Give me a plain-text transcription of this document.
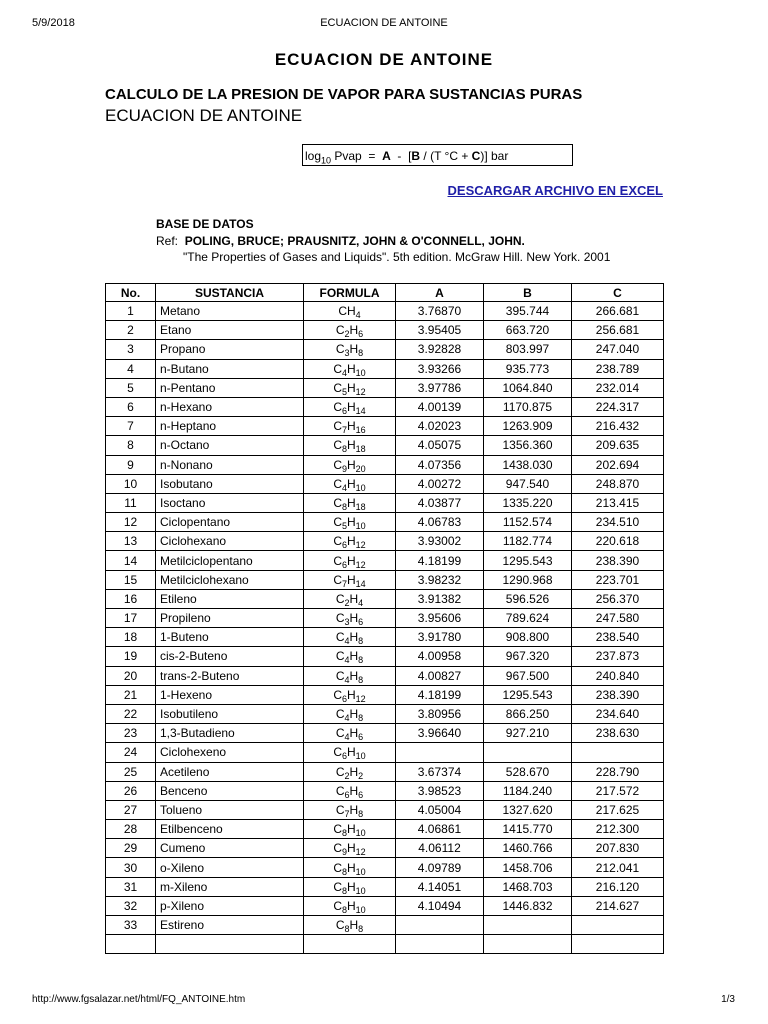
5/9/2018	ECUACION DE ANTOINE
ECUACION DE ANTOINE
CALCULO DE LA PRESION DE VAPOR PARA SUSTANCIAS PURAS
ECUACION DE ANTOINE
$\log_{10}$ Pvap  =  A  -  [B / (T °C + C)] bar
DESCARGAR ARCHIVO EN EXCEL
BASE DE DATOS
Ref:  POLING, BRUCE; PRAUSNITZ, JOHN & O'CONNELL, JOHN.
"The Properties of Gases and Liquids". 5th edition. McGraw Hill. New York. 2001
No.	SUSTANCIA	FORMULA	A	B	C
1	Metano	$CH_4$	3.76870	395.744	266.681
2	Etano	$C_2H_6$	3.95405	663.720	256.681
3	Propano	$C_3H_8$	3.92828	803.997	247.040
4	n-Butano	$C_4H_{10}$	3.93266	935.773	238.789
5	n-Pentano	$C_5H_{12}$	3.97786	1064.840	232.014
6	n-Hexano	$C_6H_{14}$	4.00139	1170.875	224.317
7	n-Heptano	$C_7H_{16}$	4.02023	1263.909	216.432
8	n-Octano	$C_8H_{18}$	4.05075	1356.360	209.635
9	n-Nonano	$C_9H_{20}$	4.07356	1438.030	202.694
10	Isobutano	$C_4H_{10}$	4.00272	947.540	248.870
11	Isoctano	$C_8H_{18}$	4.03877	1335.220	213.415
12	Ciclopentano	$C_5H_{10}$	4.06783	1152.574	234.510
13	Ciclohexano	$C_6H_{12}$	3.93002	1182.774	220.618
14	Metilciclopentano	$C_6H_{12}$	4.18199	1295.543	238.390
15	Metilciclohexano	$C_7H_{14}$	3.98232	1290.968	223.701
16	Etileno	$C_2H_4$	3.91382	596.526	256.370
17	Propileno	$C_3H_6$	3.95606	789.624	247.580
18	1-Buteno	$C_4H_8$	3.91780	908.800	238.540
19	cis-2-Buteno	$C_4H_8$	4.00958	967.320	237.873
20	trans-2-Buteno	$C_4H_8$	4.00827	967.500	240.840
21	1-Hexeno	$C_6H_{12}$	4.18199	1295.543	238.390
22	Isobutileno	$C_4H_8$	3.80956	866.250	234.640
23	1,3-Butadieno	$C_4H_6$	3.96640	927.210	238.630
24	Ciclohexeno	$C_6H_{10}$			
25	Acetileno	$C_2H_2$	3.67374	528.670	228.790
26	Benceno	$C_6H_6$	3.98523	1184.240	217.572
27	Tolueno	$C_7H_8$	4.05004	1327.620	217.625
28	Etilbenceno	$C_8H_{10}$	4.06861	1415.770	212.300
29	Cumeno	$C_9H_{12}$	4.06112	1460.766	207.830
30	o-Xileno	$C_8H_{10}$	4.09789	1458.706	212.041
31	m-Xileno	$C_8H_{10}$	4.14051	1468.703	216.120
32	p-Xileno	$C_8H_{10}$	4.10494	1446.832	214.627
33	Estireno	$C_8H_8$			

http://www.fgsalazar.net/html/FQ_ANTOINE.htm	1/3
